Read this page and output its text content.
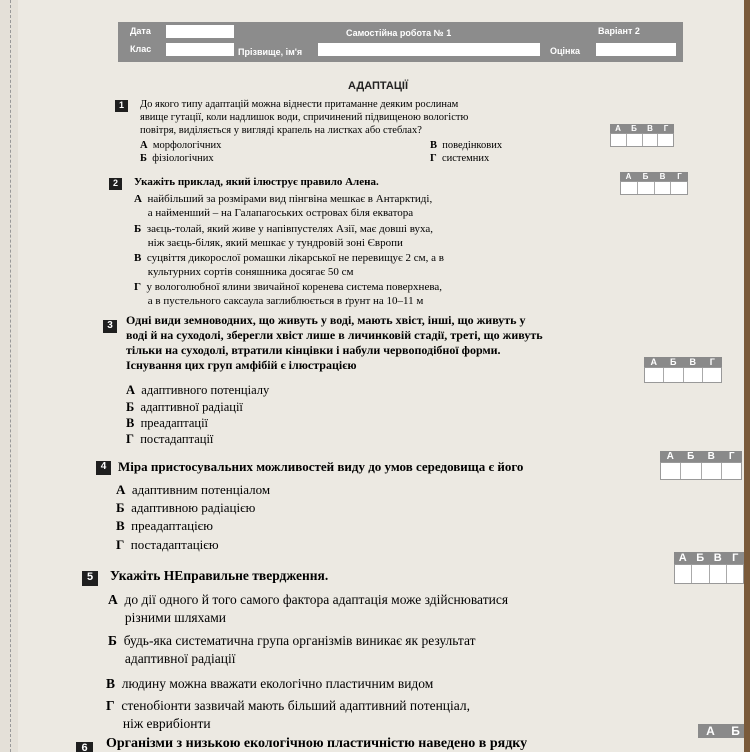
Дата	Самостійна робота № 1	Варіант 2
Клас	Прізвище, ім'я	Оцінка
АДАПТАЦІЇ
1	До якого типу адаптацій можна віднести притаманне деяким рослинам
явище гутації, коли надлишок води, спричинений підвищеною вологістю
повітря, виділяється у вигляді крапель на листках або стеблах?
А морфологічних	В поведінкових
Б фізіологічних	Г системних
А	Б	В	Г
2	Укажіть приклад, який ілюструє правило Алена.
А найбільший за розмірами вид пінгвіна мешкає в Антарктиді,
а найменший – на Галапагоських островах біля екватора
Б заєць-толай, який живе у напівпустелях Азії, має довші вуха,
ніж заєць-біляк, який мешкає у тундровій зоні Європи
В суцвіття дикорослої ромашки лікарської не перевищує 2 см, а в
культурних сортів соняшника досягає 50 см
Г у вологолюбної ялини звичайної коренева система поверхнева,
а в пустельного саксаула заглиблюється в ґрунт на 10–11 м
А	Б	В	Г
3	Одні види земноводних, що живуть у воді, мають хвіст, інші, що живуть у
воді й на суходолі, зберегли хвіст лише в личинковій стадії, треті, що живуть
тільки на суходолі, втратили кінцівки і набули червоподібної форми.
Існування цих груп амфібій є ілюстрацією
А адаптивного потенціалу
Б адаптивної радіації
В преадаптації
Г постадаптації
А	Б	В	Г
4 Міра пристосувальних можливостей виду до умов середовища є його
А адаптивним потенціалом
Б адаптивною радіацією
В преадаптацією
Г постадаптацією
А	Б	В	Г
5	Укажіть НЕправильне твердження.
А до дії одного й того самого фактора адаптація може здійснюватися
різними шляхами
Б будь-яка систематична група організмів виникає як результат
адаптивної радіації
В людину можна вважати екологічно пластичним видом
Г стенобіонти зазвичай мають більший адаптивний потенціал,
ніж еврибіонти
А Б В Г
6	Організми з низькою екологічною пластичністю наведено в рядку
А	Б
